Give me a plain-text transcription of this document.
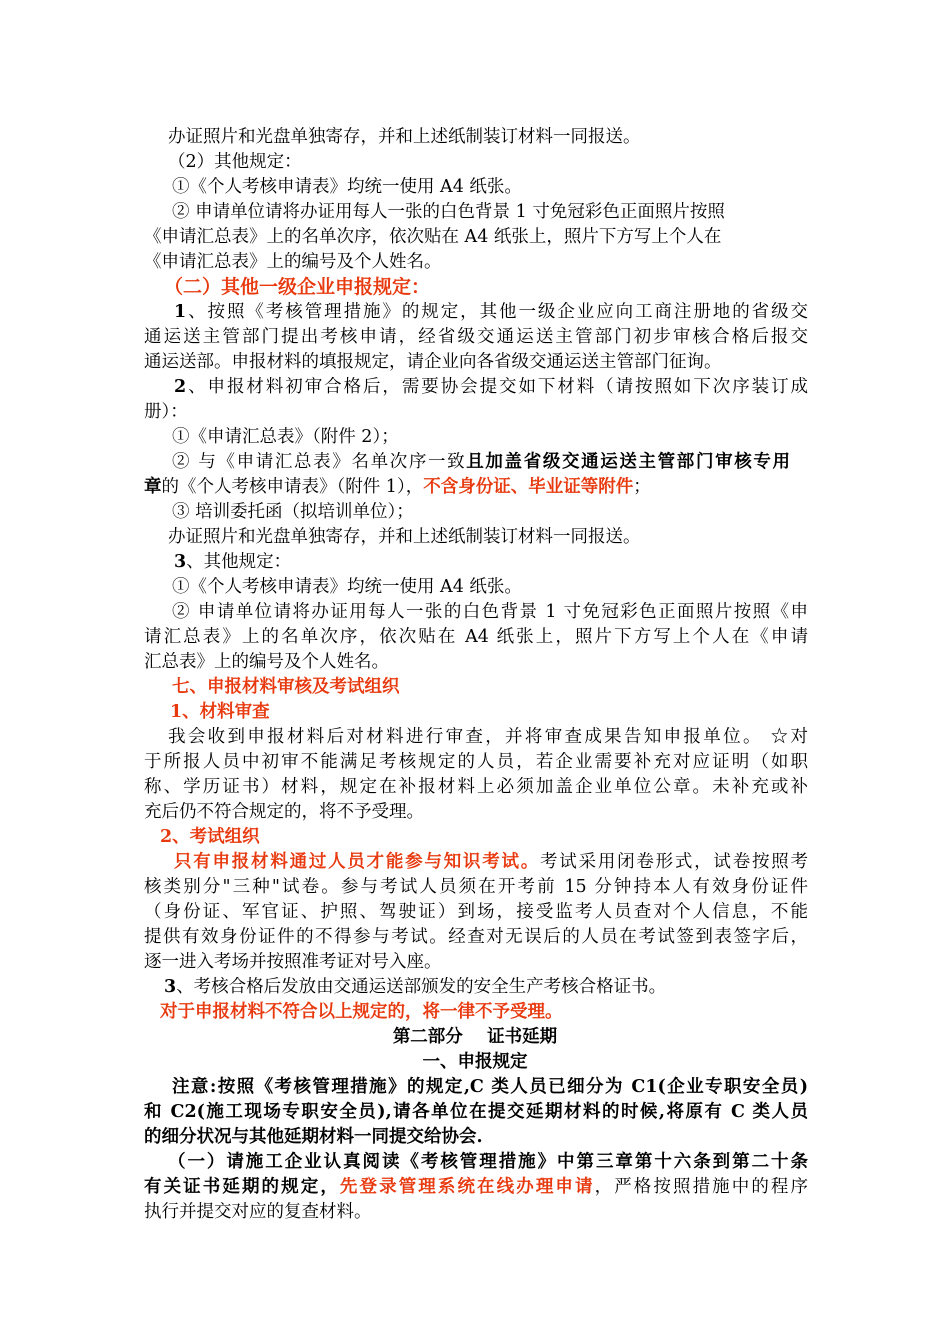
办证照片和光盘单独寄存，并和上述纸制装订材料一同报送。
（2）其他规定：
①《个人考核申请表》均统一使用 A4 纸张。
② 申请单位请将办证用每人一张的白色背景 1 寸免冠彩色正面照片按照
《申请汇总表》上的名单次序，依次贴在 A4 纸张上，照片下方写上个人在
《申请汇总表》上的编号及个人姓名。
（二）其他一级企业申报规定：
1、按照《考核管理措施》的规定，其他一级企业应向工商注册地的省级交
通运送主管部门提出考核申请，经省级交通运送主管部门初步审核合格后报交
通运送部。申报材料的填报规定，请企业向各省级交通运送主管部门征询。
2、申报材料初审合格后，需要协会提交如下材料（请按照如下次序装订成
册）：
①《申请汇总表》（附件 2）；
② 与《申请汇总表》名单次序一致且加盖省级交通运送主管部门审核专用
章的《个人考核申请表》（附件 1），不含身份证、毕业证等附件；
③ 培训委托函（拟培训单位）；
办证照片和光盘单独寄存，并和上述纸制装订材料一同报送。
3、其他规定：
①《个人考核申请表》均统一使用 A4 纸张。
② 申请单位请将办证用每人一张的白色背景 1 寸免冠彩色正面照片按照《申
请汇总表》上的名单次序，依次贴在 A4 纸张上，照片下方写上个人在《申请
汇总表》上的编号及个人姓名。
七、申报材料审核及考试组织
1、材料审查
我会收到申报材料后对材料进行审查，并将审查成果告知申报单位。 ☆对
于所报人员中初审不能满足考核规定的人员，若企业需要补充对应证明（如职
称、学历证书）材料，规定在补报材料上必须加盖企业单位公章。未补充或补
充后仍不符合规定的，将不予受理。
2、考试组织
只有申报材料通过人员才能参与知识考试。考试采用闭卷形式，试卷按照考
核类别分"三种"试卷。参与考试人员须在开考前 15 分钟持本人有效身份证件
（身份证、军官证、护照、驾驶证）到场，接受监考人员查对个人信息，不能
提供有效身份证件的不得参与考试。经查对无误后的人员在考试签到表签字后，
逐一进入考场并按照准考证对号入座。
3、考核合格后发放由交通运送部颁发的安全生产考核合格证书。
对于申报材料不符合以上规定的，将一律不予受理。
第二部分    证书延期
一、申报规定
注意:按照《考核管理措施》的规定,C 类人员已细分为 C1(企业专职安全员)
和 C2(施工现场专职安全员),请各单位在提交延期材料的时候,将原有 C 类人员
的细分状况与其他延期材料一同提交给协会.
（一）请施工企业认真阅读《考核管理措施》中第三章第十六条到第二十条
有关证书延期的规定，先登录管理系统在线办理申请，严格按照措施中的程序
执行并提交对应的复查材料。
